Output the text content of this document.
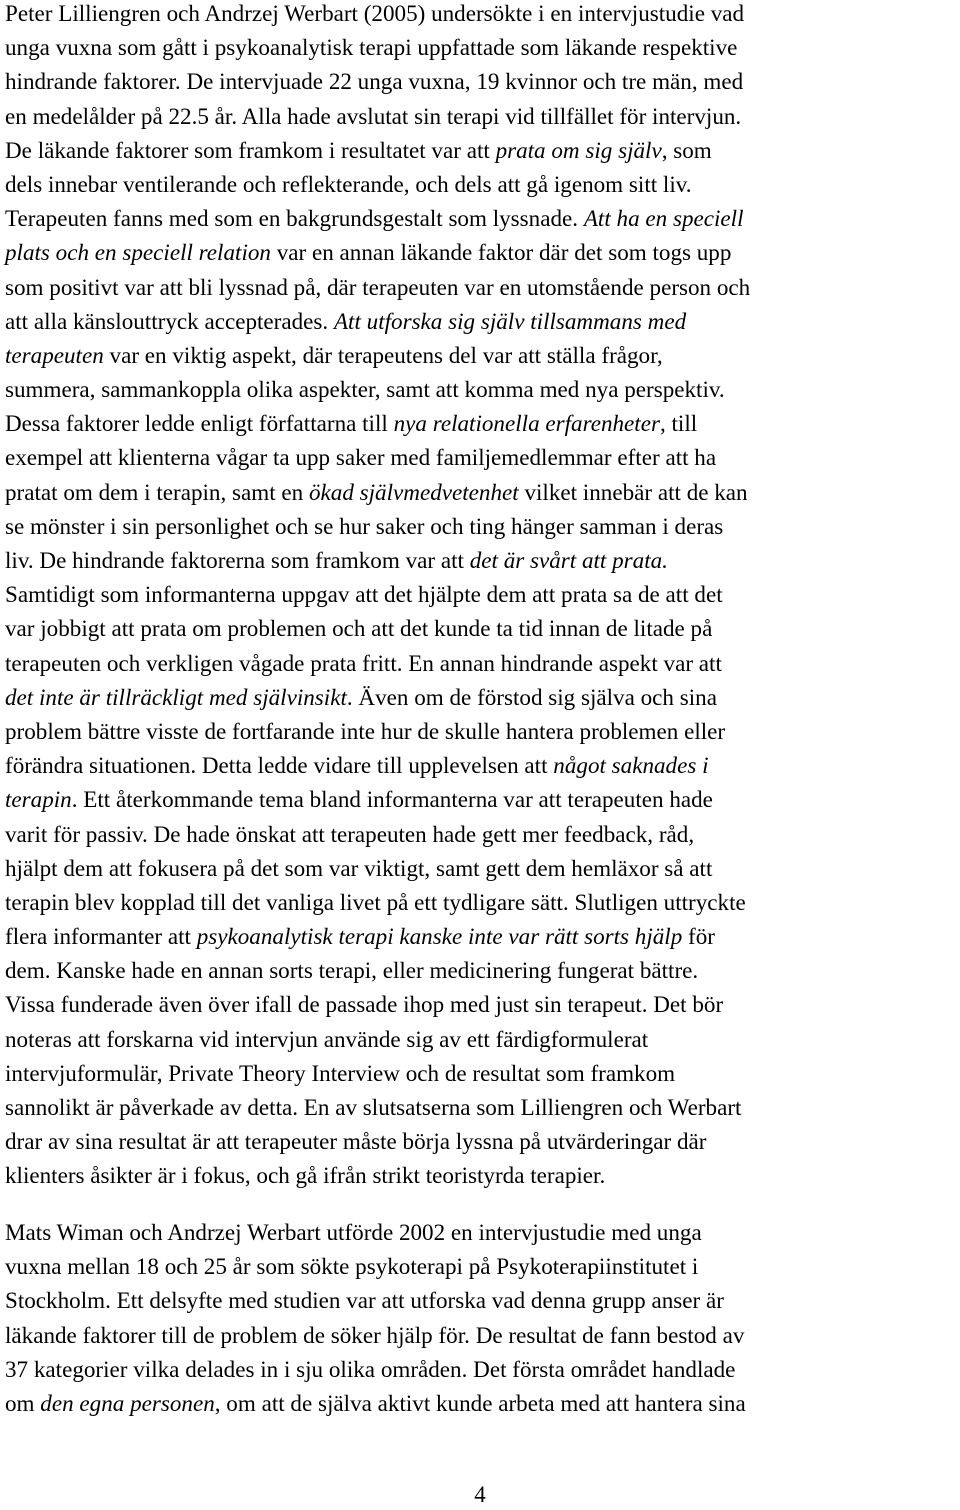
Peter Lilliengren och Andrzej Werbart (2005) undersökte i en intervjustudie vad
unga vuxna som gått i psykoanalytisk terapi uppfattade som läkande respektive
hindrande faktorer. De intervjuade 22 unga vuxna, 19 kvinnor och tre män, med
en medelålder på 22.5 år. Alla hade avslutat sin terapi vid tillfället för intervjun.
De läkande faktorer som framkom i resultatet var att prata om sig själv, som
dels innebar ventilerande och reflekterande, och dels att gå igenom sitt liv.
Terapeuten fanns med som en bakgrundsgestalt som lyssnade. Att ha en speciell
plats och en speciell relation var en annan läkande faktor där det som togs upp
som positivt var att bli lyssnad på, där terapeuten var en utomstående person och
att alla känslouttryck accepterades. Att utforska sig själv tillsammans med
terapeuten var en viktig aspekt, där terapeutens del var att ställa frågor,
summera, sammankoppla olika aspekter, samt att komma med nya perspektiv.
Dessa faktorer ledde enligt författarna till nya relationella erfarenheter, till
exempel att klienterna vågar ta upp saker med familjemedlemmar efter att ha
pratat om dem i terapin, samt en ökad självmedvetenhet vilket innebär att de kan
se mönster i sin personlighet och se hur saker och ting hänger samman i deras
liv. De hindrande faktorerna som framkom var att det är svårt att prata.
Samtidigt som informanterna uppgav att det hjälpte dem att prata sa de att det
var jobbigt att prata om problemen och att det kunde ta tid innan de litade på
terapeuten och verkligen vågade prata fritt. En annan hindrande aspekt var att
det inte är tillräckligt med självinsikt. Även om de förstod sig själva och sina
problem bättre visste de fortfarande inte hur de skulle hantera problemen eller
förändra situationen. Detta ledde vidare till upplevelsen att något saknades i
terapin. Ett återkommande tema bland informanterna var att terapeuten hade
varit för passiv. De hade önskat att terapeuten hade gett mer feedback, råd,
hjälpt dem att fokusera på det som var viktigt, samt gett dem hemläxor så att
terapin blev kopplad till det vanliga livet på ett tydligare sätt. Slutligen uttryckte
flera informanter att psykoanalytisk terapi kanske inte var rätt sorts hjälp för
dem. Kanske hade en annan sorts terapi, eller medicinering fungerat bättre.
Vissa funderade även över ifall de passade ihop med just sin terapeut. Det bör
noteras att forskarna vid intervjun använde sig av ett färdigformulerat
intervjuformulär, Private Theory Interview och de resultat som framkom
sannolikt är påverkade av detta. En av slutsatserna som Lilliengren och Werbart
drar av sina resultat är att terapeuter måste börja lyssna på utvärderingar där
klienters åsikter är i fokus, och gå ifrån strikt teoristyrda terapier.
Mats Wiman och Andrzej Werbart utförde 2002 en intervjustudie med unga
vuxna mellan 18 och 25 år som sökte psykoterapi på Psykoterapiinstitutet i
Stockholm. Ett delsyfte med studien var att utforska vad denna grupp anser är
läkande faktorer till de problem de söker hjälp för. De resultat de fann bestod av
37 kategorier vilka delades in i sju olika områden. Det första området handlade
om den egna personen, om att de själva aktivt kunde arbeta med att hantera sina
4
